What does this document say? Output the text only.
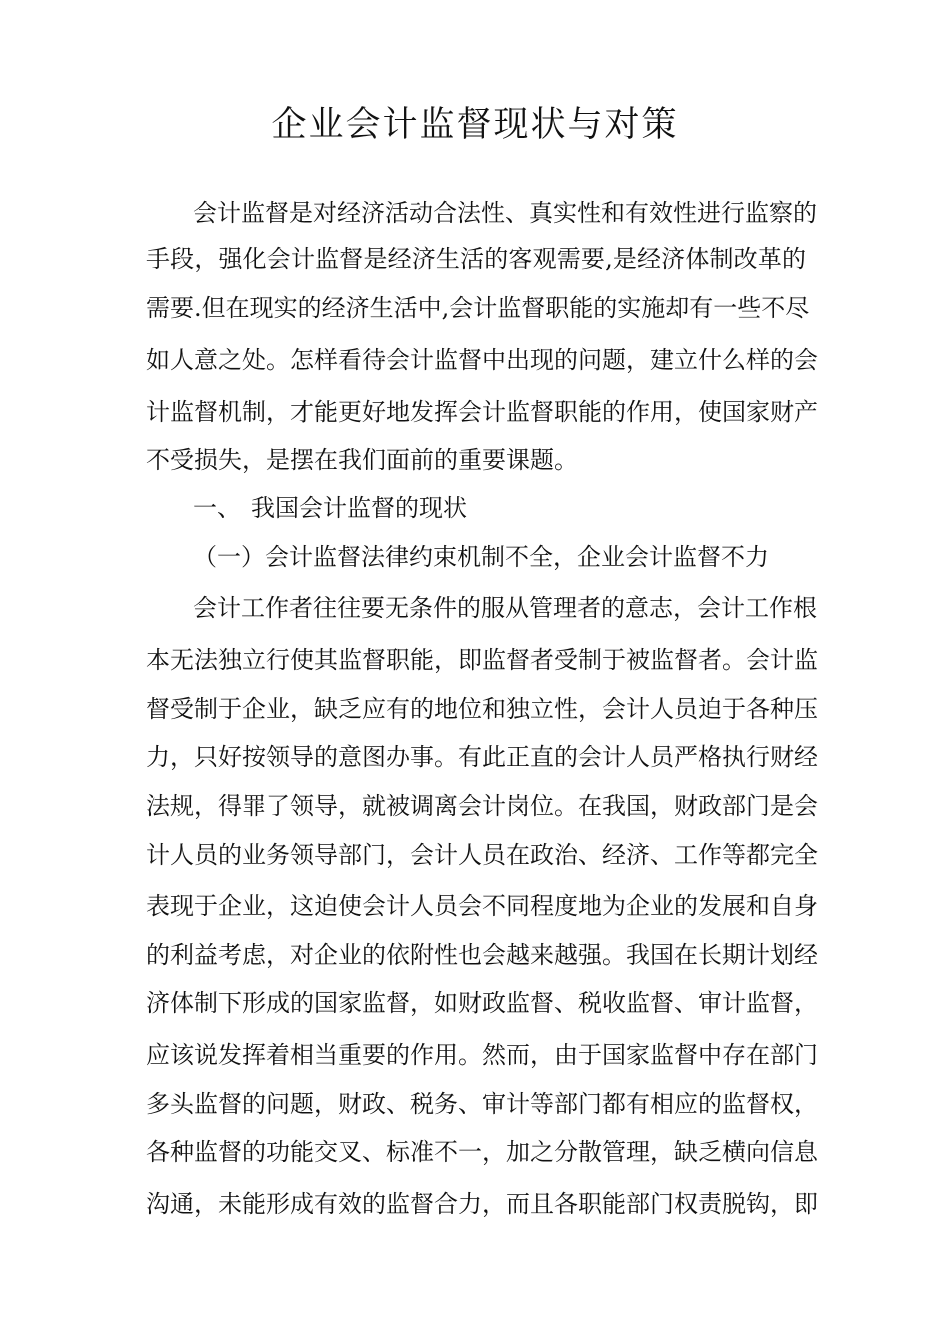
企业会计监督现状与对策

会计监督是对经济活动合法性、真实性和有效性进行监察的

手段，强化会计监督是经济生活的客观需要,是经济体制改革的

需要.但在现实的经济生活中,会计监督职能的实施却有一些不尽

如人意之处。怎样看待会计监督中出现的问题，建立什么样的会

计监督机制，才能更好地发挥会计监督职能的作用，使国家财产

不受损失，是摆在我们面前的重要课题。

一、 我国会计监督的现状

（一）会计监督法律约束机制不全，企业会计监督不力

会计工作者往往要无条件的服从管理者的意志，会计工作根

本无法独立行使其监督职能，即监督者受制于被监督者。会计监

督受制于企业，缺乏应有的地位和独立性，会计人员迫于各种压

力，只好按领导的意图办事。有此正直的会计人员严格执行财经

法规，得罪了领导，就被调离会计岗位。在我国，财政部门是会

计人员的业务领导部门，会计人员在政治、经济、工作等都完全

表现于企业，这迫使会计人员会不同程度地为企业的发展和自身

的利益考虑，对企业的依附性也会越来越强。我国在长期计划经

济体制下形成的国家监督，如财政监督、税收监督、审计监督，

应该说发挥着相当重要的作用。然而，由于国家监督中存在部门

多头监督的问题，财政、税务、审计等部门都有相应的监督权，

各种监督的功能交叉、标准不一，加之分散管理，缺乏横向信息

沟通，未能形成有效的监督合力，而且各职能部门权责脱钩，即
